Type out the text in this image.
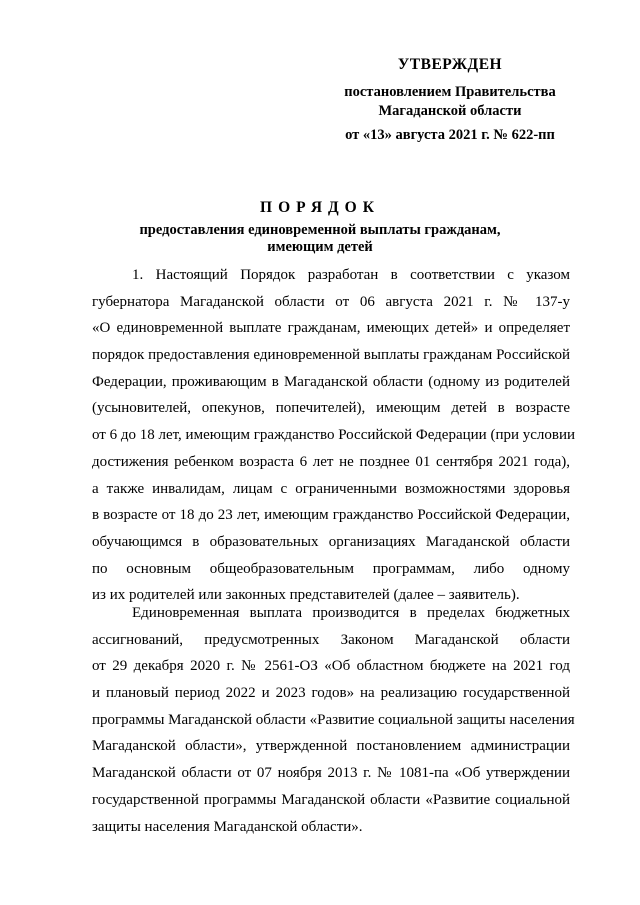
УТВЕРЖДЕН
постановлением Правительства
Магаданской области
от «13» августа 2021 г. № 622-пп
ПОРЯДОК
предоставления единовременной выплаты гражданам,
имеющим детей
1. Настоящий Порядок разработан в соответствии с указом
губернатора Магаданской области от 06 августа 2021 г. № 137-у
«О единовременной выплате гражданам, имеющих детей» и определяет
порядок предоставления единовременной выплаты гражданам Российской
Федерации, проживающим в Магаданской области (одному из родителей
(усыновителей, опекунов, попечителей), имеющим детей в возрасте
от 6 до 18 лет, имеющим гражданство Российской Федерации (при условии
достижения ребенком возраста 6 лет не позднее 01 сентября 2021 года),
а также инвалидам, лицам с ограниченными возможностями здоровья
в возрасте от 18 до 23 лет, имеющим гражданство Российской Федерации,
обучающимся в образовательных организациях Магаданской области
по основным общеобразовательным программам, либо одному
из их родителей или законных представителей (далее – заявитель).
Единовременная выплата производится в пределах бюджетных
ассигнований, предусмотренных Законом Магаданской области
от 29 декабря 2020 г. № 2561-ОЗ «Об областном бюджете на 2021 год
и плановый период 2022 и 2023 годов» на реализацию государственной
программы Магаданской области «Развитие социальной защиты населения
Магаданской области», утвержденной постановлением администрации
Магаданской области от 07 ноября 2013 г. № 1081-па «Об утверждении
государственной программы Магаданской области «Развитие социальной
защиты населения Магаданской области».
